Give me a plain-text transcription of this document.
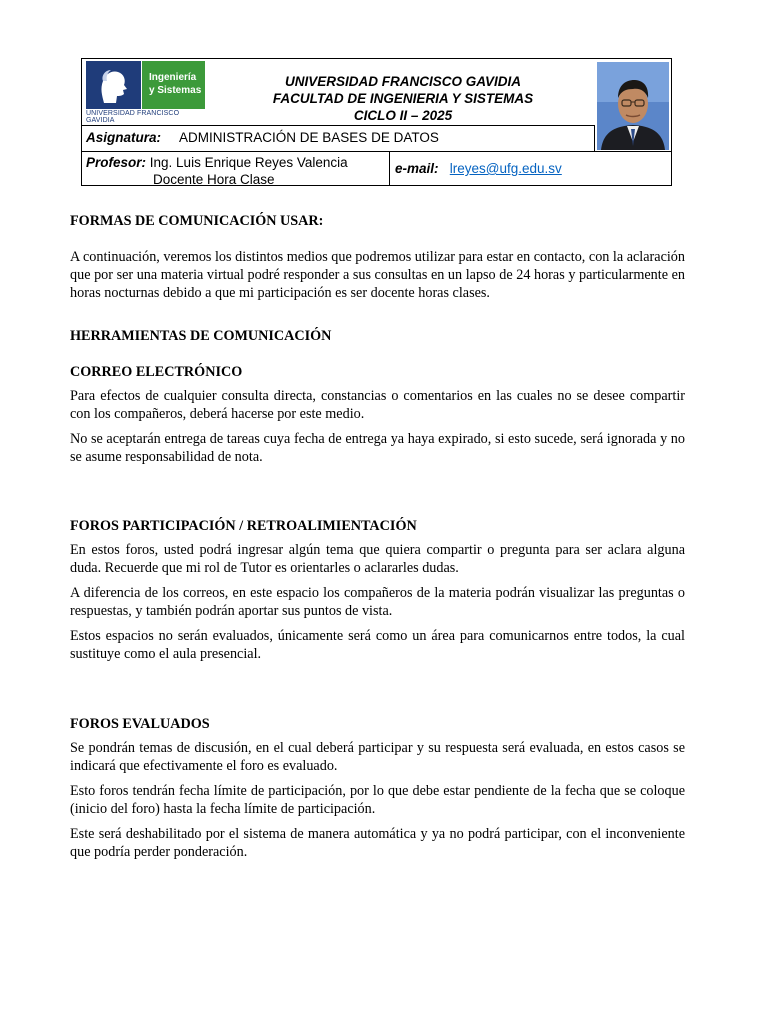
Ingeniería
y Sistemas
UNIVERSIDAD FRANCISCO GAVIDIA
UNIVERSIDAD FRANCISCO GAVIDIA
FACULTAD DE INGENIERIA Y SISTEMAS
CICLO II – 2025
Asignatura: ADMINISTRACIÓN DE BASES DE DATOS
Profesor: Ing. Luis Enrique Reyes Valencia
Docente Hora Clase
e-mail: lreyes@ufg.edu.sv
FORMAS DE COMUNICACIÓN USAR:

A continuación, veremos los distintos medios que podremos utilizar para estar en contacto, con la aclaración que por ser una materia virtual podré responder a sus consultas en un lapso de 24 horas y particularmente en horas nocturnas debido a que mi participación es ser docente horas clases.

HERRAMIENTAS DE COMUNICACIÓN
CORREO ELECTRÓNICO

Para efectos de cualquier consulta directa, constancias o comentarios en las cuales no se desee compartir con los compañeros, deberá hacerse por este medio.

No se aceptarán entrega de tareas cuya fecha de entrega ya haya expirado, si esto sucede, será ignorada y no se asume responsabilidad de nota.

FOROS PARTICIPACIÓN / RETROALIMIENTACIÓN

En estos foros, usted podrá ingresar algún tema que quiera compartir o pregunta para ser aclara alguna duda. Recuerde que mi rol de Tutor es orientarles o aclararles dudas.

A diferencia de los correos, en este espacio los compañeros de la materia podrán visualizar las preguntas o respuestas, y también podrán aportar sus puntos de vista.

Estos espacios no serán evaluados, únicamente será como un área para comunicarnos entre todos, la cual sustituye como el aula presencial.

FOROS EVALUADOS

Se pondrán temas de discusión, en el cual deberá participar y su respuesta será evaluada, en estos casos se indicará que efectivamente el foro es evaluado.

Esto foros tendrán fecha límite de participación, por lo que debe estar pendiente de la fecha que se coloque (inicio del foro) hasta la fecha límite de participación.

Este será deshabilitado por el sistema de manera automática y ya no podrá participar, con el inconveniente que podría perder ponderación.
